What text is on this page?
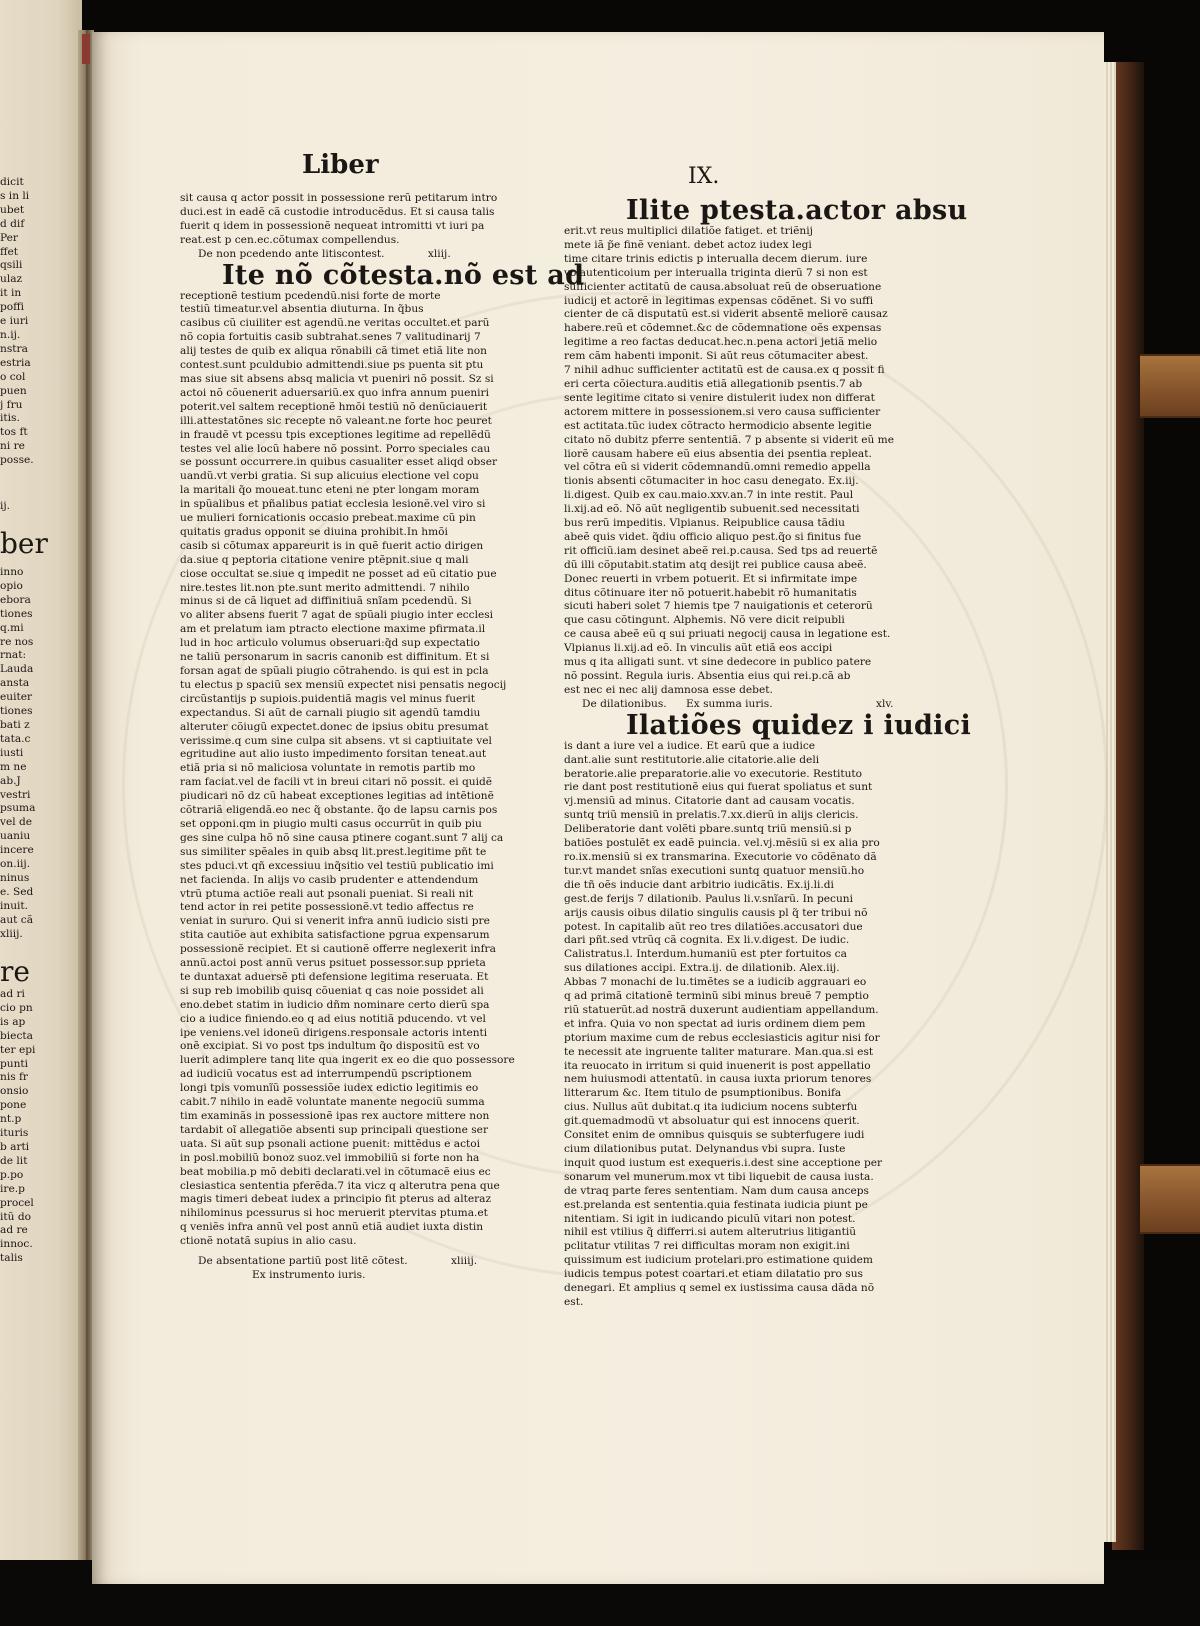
dicit
s in li
ubet
d dif
Per
ffet
qsili
ulaz
it in
poffi
e iuri
n.ij.
nstra
estria
o col
puen
j fru
itis.
tos ft
ni re
posse.
ij.
ber
inno
opio
ebora
tiones
q.mi
re nos
rnat:
Lauda
ansta
euiter
tiones
bati z
tata.c
iusti
m ne
ab.J
vestri
psuma
vel de
uaniu
incere
on.iij.
ninus
e. Sed
inuit.
aut cã
xliij.
re
ad ri
cio pn
is ap
biecta
ter epi
punti
nis fr
onsio
pone
nt.p
ituris
b arti
de lit
p.po
ire.p
procel
itũ do
ad re
innoc.
talis
Liber	IX.
sit causa q actor possit in possessione rerũ petitarum intro
duci.est in eadẽ cã custodie introducẽdus. Et si causa talis
fuerit q idem in possessionẽ nequeat intromitti vt iuri pa
reat.est p cen.ec.cõtumax compellendus.
De non pcedendo ante litiscontest.	xliij.
Ite nõ cõtesta.nõ est ad
receptionẽ testium pcedendũ.nisi forte de morte
testiũ timeatur.vel absentia diuturna. In q̃bus
casibus cũ ciuiliter est agendũ.ne veritas occultet.et parũ
nõ copia fortuitis casib subtrahat.senes 7 valitudinarij 7
alij testes de quib ex aliqua rõnabili cã timet etiã lite non
contest.sunt pculdubio admittendi.siue ps puenta sit ptu
mas siue sit absens absq malicia vt pueniri nõ possit. Sz si
actoi nõ cõuenerit aduersariũ.ex quo infra annum pueniri
poterit.vel saltem receptionẽ hmõi testiũ nõ denũciauerit
illi.attestatõnes sic recepte nõ valeant.ne forte hoc peuret
in fraudẽ vt pcessu tpis exceptiones legitime ad repellẽdũ
testes vel alie locũ habere nõ possint. Porro speciales cau
se possunt occurrere.in quibus casualiter esset aliqd obser
uandũ.vt verbi gratia. Si sup alicuius electione vel copu
la maritali q̃o moueat.tunc eteni ne pter longam moram
in spũalibus et pñalibus patiat ecclesia lesionẽ.vel viro si
ue mulieri fornicationis occasio prebeat.maxime cũ pin
quitatis gradus opponit se diuina prohibit.In hmõi
casib si cõtumax appareurit is in quẽ fuerit actio dirigen
da.siue q peptoria citatione venire ptẽpnit.siue q mali
ciose occultat se.siue q impedit ne posset ad eũ citatio pue
nire.testes lit.non pte.sunt merito admittendi. 7 nihilo
minus si de cã liquet ad diffinitiuã snĩam pcedendũ. Si
vo aliter absens fuerit 7 agat de spũali piugio inter ecclesi
am et prelatum iam ptracto electione maxime pfirmata.il
lud in hoc articulo volumus obseruari:q̃d sup expectatio
ne taliũ personarum in sacris canonib est diffinitum. Et si
forsan agat de spũali piugio cõtrahendo. is qui est in pcla
tu electus p spaciũ sex mensiũ expectet nisi pensatis negocij
circũstantijs p supiois.puidentiã magis vel minus fuerit
expectandus. Si aũt de carnali piugio sit agendũ tamdiu
alteruter cõiugũ expectet.donec de ipsius obitu presumat
verissime.q cum sine culpa sit absens. vt si captiuitate vel
egritudine aut alio iusto impedimento forsitan teneat.aut
etiã pria si nõ maliciosa voluntate in remotis partib mo
ram faciat.vel de facili vt in breui citari nõ possit. ei quidẽ
piudicari nõ dz cũ habeat exceptiones legitias ad intẽtionẽ
cõtrariã eligendã.eo nec q̃ obstante. q̃o de lapsu carnis pos
set opponi.qm in piugio multi casus occurrũt in quib piu
ges sine culpa hõ nõ sine causa ptinere cogant.sunt 7 alij ca
sus similiter spẽales in quib absq lit.prest.legitime pñt te
stes pduci.vt qñ excessiuu inq̃sitio vel testiũ publicatio imi
net facienda. In alijs vo casib prudenter e attendendum
vtrũ ptuma actiõe reali aut psonali pueniat. Si reali nit
tend actor in rei petite possessionẽ.vt tedio affectus re
veniat in sururo. Qui si venerit infra annũ iudicio sisti pre
stita cautiõe aut exhibita satisfactione pgrua expensarum
possessionẽ recipiet. Et si cautionẽ offerre neglexerit infra
annũ.actoi post annũ verus psituet possessor.sup pprieta
te duntaxat aduersẽ pti defensione legitima reseruata. Et
si sup reb imobilib quisq cõueniat q cas noie possidet ali
eno.debet statim in iudicio dñm nominare certo dierũ spa
cio a iudice finiendo.eo q ad eius notitiã pducendo. vt vel
ipe veniens.vel idoneũ dirigens.responsale actoris intenti
onẽ excipiat. Si vo post tps indultum q̃o dispositũ est vo
luerit adimplere tanq lite qua ingerit ex eo die quo possessore
ad iudiciũ vocatus est ad interrumpendũ pscriptionem
longi tpis vomunĩũ possessiõe iudex edictio legitimis eo
cabit.7 nihilo in eadẽ voluntate manente negociũ summa
tim examinãs in possessionẽ ipas rex auctore mittere non
tardabit oĩ allegatiõe absenti sup principali questione ser
uata. Si aũt sup psonali actione puenit: mittẽdus e actoi
in posl.mobiliũ bonoz suoz.vel immobiliũ si forte non ha
beat mobilia.p mõ debiti declarati.vel in cõtumacẽ eius ec
clesiastica sententia pferẽda.7 ita vicz q alterutra pena que
magis timeri debeat iudex a principio fit pterus ad alteraz
nihilominus pcessurus si hoc meruerit ptervitas ptuma.et
q veniẽs infra annũ vel post annũ etiã audiet iuxta distin
ctionẽ notatã supius in alio casu.
De absentatione partiũ post litẽ cõtest.	xliiij.
Ex instrumento iuris.
Ilite ptesta.actor absu
erit.vt reus multiplici dilatiõe fatiget. et triẽnij
mete iã p̃e finẽ veniant. debet actoz iudex legi
time citare trinis edictis p interualla decem dierum. iure
vo autenticoium per interualla triginta dierũ 7 si non est
sufficienter actitatũ de causa.absoluat reũ de obseruatione
iudicij et actorẽ in legitimas expensas cõdẽnet. Si vo suffi
cienter de cã disputatũ est.si viderit absentẽ meliorẽ causaz
habere.reũ et cõdemnet.&c de cõdemnatione oẽs expensas
legitime a reo factas deducat.hec.n.pena actori jetiã melio
rem cãm habenti imponit. Si aũt reus cõtumaciter abest.
7 nihil adhuc sufficienter actitatũ est de causa.ex q possit fi
eri certa cõiectura.auditis etiã allegationib psentis.7 ab
sente legitime citato si venire distulerit iudex non differat
actorem mittere in possessionem.si vero causa sufficienter
est actitata.tũc iudex cõtracto hermodicio absente legitie
citato nõ dubitz pferre sententiã. 7 p absente si viderit eũ me
liorẽ causam habere eũ eius absentia dei psentia repleat.
vel cõtra eũ si viderit cõdemnandũ.omni remedio appella
tionis absenti cõtumaciter in hoc casu denegato. Ex.iij.
li.digest. Quib ex cau.maio.xxv.an.7 in inte restit. Paul
li.xij.ad eõ. Nõ aũt negligentib subuenit.sed necessitati
bus rerũ impeditis. Vlpianus. Reipublice causa tãdiu
abeẽ quis videt. q̃diu officio aliquo pest.q̃o si finitus fue
rit officiũ.iam desinet abeẽ rei.p.causa. Sed tps ad reuertẽ
dũ illi cõputabit.statim atq desijt rei publice causa abeẽ.
Donec reuerti in vrbem potuerit. Et si infirmitate impe
ditus cõtinuare iter nõ potuerit.habebit rõ humanitatis
sicuti haberi solet 7 hiemis tpe 7 nauigationis et ceterorũ
que casu cõtingunt. Alphemis. Nõ vere dicit reipubli
ce causa abeẽ eũ q sui priuati negocij causa in legatione est.
Vlpianus li.xij.ad eõ. In vinculis aũt etiã eos accipi
mus q ita alligati sunt. vt sine dedecore in publico patere
nõ possint. Regula iuris. Absentia eius qui rei.p.cã ab
est nec ei nec alij damnosa esse debet.
De dilationibus. Ex summa iuris.	xlv.
Ilatiões quidez i iudici
is dant a iure vel a iudice. Et earũ que a iudice
dant.alie sunt restitutorie.alie citatorie.alie deli
beratorie.alie preparatorie.alie vo executorie. Restituto
rie dant post restitutionẽ eius qui fuerat spoliatus et sunt
vj.mensiũ ad minus. Citatorie dant ad causam vocatis.
suntq triũ mensiũ in prelatis.7.xx.dierũ in alijs clericis.
Deliberatorie dant volẽti pbare.suntq triũ mensiũ.si p
batiões postulẽt ex eadẽ puincia. vel.vj.mẽsiũ si ex alia pro
ro.ix.mensiũ si ex transmarina. Executorie vo cõdẽnato dã
tur.vt mandet snĩas executioni suntq quatuor mensiũ.ho
die tñ oẽs inducie dant arbitrio iudicãtis. Ex.ij.li.di
gest.de ferijs 7 dilationib. Paulus li.v.snĩarũ. In pecuni
arijs causis oibus dilatio singulis causis pl q̃ ter tribui nõ
potest. In capitalib aũt reo tres dilatiões.accusatori due
dari pñt.sed vtrũq cã cognita. Ex li.v.digest. De iudic.
Calistratus.l. Interdum.humaniũ est pter fortuitos ca
sus dilationes accipi. Extra.ij. de dilationib. Alex.iij.
Abbas 7 monachi de lu.timẽtes se a iudicib aggrauari eo
q ad primã citationẽ terminũ sibi minus breuẽ 7 pemptio
riũ statuerũt.ad nostrã duxerunt audientiam appellandum.
et infra. Quia vo non spectat ad iuris ordinem diem pem
ptorium maxime cum de rebus ecclesiasticis agitur nisi for
te necessit ate ingruente taliter maturare. Man.qua.si est
ita reuocato in irritum si quid inuenerit is post appellatio
nem huiusmodi attentatũ. in causa iuxta priorum tenores
litterarum &c. Item titulo de psumptionibus. Bonifa
cius. Nullus aũt dubitat.q ita iudicium nocens subterfu
git.quemadmodũ vt absoluatur qui est innocens querit.
Consitet enim de omnibus quisquis se subterfugere iudi
cium dilationibus putat. Delynandus vbi supra. Iuste
inquit quod iustum est exequeris.i.dest sine acceptione per
sonarum vel munerum.mox vt tibi liquebit de causa iusta.
de vtraq parte feres sententiam. Nam dum causa anceps
est.prelanda est sententia.quia festinata iudicia piunt pe
nitentiam. Si igit in iudicando piculũ vitari non potest.
nihil est vtilius q̃ differri.si autem alterutrius litigantiũ
pclitatur vtilitas 7 rei difficultas moram non exigit.ini
quissimum est iudicium protelari.pro estimatione quidem
iudicis tempus potest coartari.et etiam dilatatio pro sus
denegari. Et amplius q semel ex iustissima causa dãda nõ
est.
